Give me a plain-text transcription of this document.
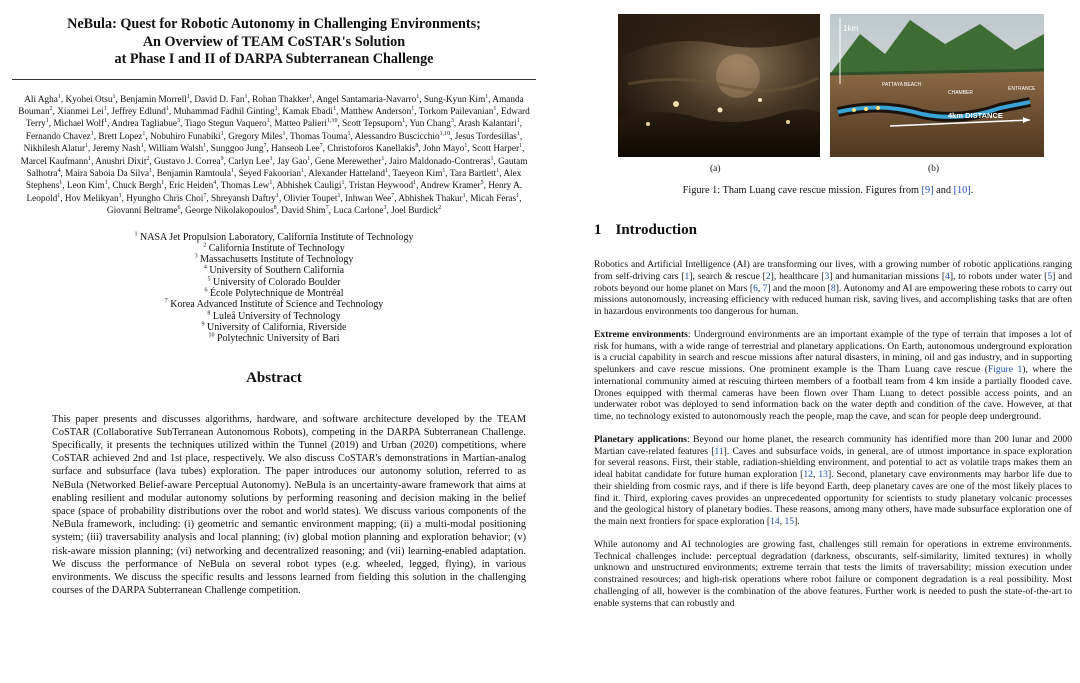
NeBula: Quest for Robotic Autonomy in Challenging Environments;
An Overview of TEAM CoSTAR's Solution
at Phase I and II of DARPA Subterranean Challenge
Ali Agha$^1$, Kyohei Otsu$^1$, Benjamin Morrell$^1$, David D. Fan$^1$, Rohan Thakker$^1$, Angel Santamaria-Navarro$^1$, Sung-Kyun Kim$^1$, Amanda Bouman$^2$, Xianmei Lei$^1$, Jeffrey Edlund$^1$, Muhammad Fadhil Ginting$^1$, Kamak Ebadi$^1$, Matthew Anderson$^1$, Torkom Pailevanian$^1$, Edward Terry$^1$, Michael Wolf$^1$, Andrea Tagliabue$^3$, Tiago Stegun Vaquero$^1$, Matteo Palieri$^{1,10}$, Scott Tepsuporn$^1$, Yun Chang$^3$, Arash Kalantari$^1$, Fernando Chavez$^1$, Brett Lopez$^1$, Nobuhiro Funabiki$^1$, Gregory Miles$^1$, Thomas Touma$^1$, Alessandro Buscicchio$^{1,10}$, Jesus Tordesillas$^1$, Nikhilesh Alatur$^1$, Jeremy Nash$^1$, William Walsh$^1$, Sunggoo Jung$^7$, Hanseob Lee$^7$, Christoforos Kanellakis$^8$, John Mayo$^1$, Scott Harper$^1$, Marcel Kaufmann$^1$, Anushri Dixit$^2$, Gustavo J. Correa$^9$, Carlyn Lee$^1$, Jay Gao$^1$, Gene Merewether$^1$, Jairo Maldonado-Contreras$^1$, Gautam Salhotra$^4$, Maira Saboia Da Silva$^1$, Benjamin Ramtoula$^1$, Seyed Fakoorian$^1$, Alexander Hatteland$^1$, Taeyeon Kim$^1$, Tara Bartlett$^1$, Alex Stephens$^1$, Leon Kim$^1$, Chuck Bergh$^1$, Eric Heiden$^4$, Thomas Lew$^1$, Abhishek Cauligi$^1$, Tristan Heywood$^1$, Andrew Kramer$^5$, Henry A. Leopold$^1$, Hov Melikyan$^1$, Hyungho Chris Choi$^7$, Shreyansh Daftry$^1$, Olivier Toupet$^1$, Inhwan Wee$^7$, Abhishek Thakur$^1$, Micah Feras$^1$, Giovanni Beltrame$^6$, George Nikolakopoulos$^8$, David Shim$^7$, Luca Carlone$^3$, Joel Burdick$^2$
$^1$ NASA Jet Propulsion Laboratory, California Institute of Technology
$^2$ California Institute of Technology
$^3$ Massachusetts Institute of Technology
$^4$ University of Southern California
$^5$ University of Colorado Boulder
$^6$ École Polytechnique de Montréal
$^7$ Korea Advanced Institute of Science and Technology
$^8$ Luleå University of Technology
$^9$ University of California, Riverside
$^{10}$ Polytechnic University of Bari
Abstract
This paper presents and discusses algorithms, hardware, and software architecture developed by the TEAM CoSTAR (Collaborative SubTerranean Autonomous Robots), competing in the DARPA Subterranean Challenge. Specifically, it presents the techniques utilized within the Tunnel (2019) and Urban (2020) competitions, where CoSTAR achieved 2nd and 1st place, respectively. We also discuss CoSTAR's demonstrations in Martian-analog surface and subsurface (lava tubes) exploration. The paper introduces our autonomy solution, referred to as NeBula (Networked Belief-aware Perceptual Autonomy). NeBula is an uncertainty-aware framework that aims at enabling resilient and modular autonomy solutions by performing reasoning and decision making in the belief space (space of probability distributions over the robot and world states). We discuss various components of the NeBula framework, including: (i) geometric and semantic environment mapping; (ii) a multi-modal positioning system; (iii) traversability analysis and local planning; (iv) global motion planning and exploration behavior; (v) risk-aware mission planning; (vi) networking and decentralized reasoning; and (vii) learning-enabled adaptation. We discuss the performance of NeBula on several robot types (e.g. wheeled, legged, flying), in various environments. We discuss the specific results and lessons learned from fielding this solution in the challenging courses of the DARPA Subterranean Challenge competition.
1km
4km DISTANCE
PATTAYA BEACH
ENTRANCE
CHAMBER
(a)	(b)
Figure 1: Tham Luang cave rescue mission. Figures from [9] and [10].
1 Introduction
Robotics and Artificial Intelligence (AI) are transforming our lives, with a growing number of robotic applications ranging from self-driving cars [1], search & rescue [2], healthcare [3] and humanitarian missions [4], to robots under water [5] and robots beyond our home planet on Mars [6, 7] and the moon [8]. Autonomy and AI are empowering these robots to carry out missions autonomously, increasing efficiency with reduced human risk, saving lives, and accomplishing tasks that are often in hazardous environments too dangerous for human.
Extreme environments: Underground environments are an important example of the type of terrain that imposes a lot of risk for humans, with a wide range of terrestrial and planetary applications. On Earth, autonomous underground exploration is a crucial capability in search and rescue missions after natural disasters, in mining, oil and gas industry, and in supporting spelunkers and cave rescue missions. One prominent example is the Tham Luang cave rescue (Figure 1), where the international community aimed at rescuing thirteen members of a football team from 4 km inside a partially flooded cave. Drones equipped with thermal cameras have been flown over Tham Luang to detect possible access points, and an underwater robot was deployed to send information back on the water depth and condition of the cave. However, at that time, no technology existed to autonomously reach the people, map the cave, and scan for people deep underground.
Planetary applications: Beyond our home planet, the research community has identified more than 200 lunar and 2000 Martian cave-related features [11]. Caves and subsurface voids, in general, are of utmost importance in space exploration for several reasons. First, their stable, radiation-shielding environment, and potential to act as volatile traps makes them an ideal habitat candidate for future human exploration [12, 13]. Second, planetary cave environments may harbor life due to their shielding from cosmic rays, and if there is life beyond Earth, deep planetary caves are one of the most likely places to find it. Third, exploring caves provides an unprecedented opportunity for scientists to study planetary volcanic processes and the geological history of planetary bodies. These reasons, among many others, have made subsurface exploration one of the main next frontiers for space exploration [14, 15].
While autonomy and AI technologies are growing fast, challenges still remain for operations in extreme environments. Technical challenges include: perceptual degradation (darkness, obscurants, self-similarity, limited textures) in wholly unknown and unstructured environments; extreme terrain that tests the limits of traversability; mission execution under constrained resources; and high-risk operations where robot failure or component degradation is a real possibility. Most challenging of all, however is the combination of the above features. Further work is needed to push the state-of-the-art to enable systems that can robustly and
